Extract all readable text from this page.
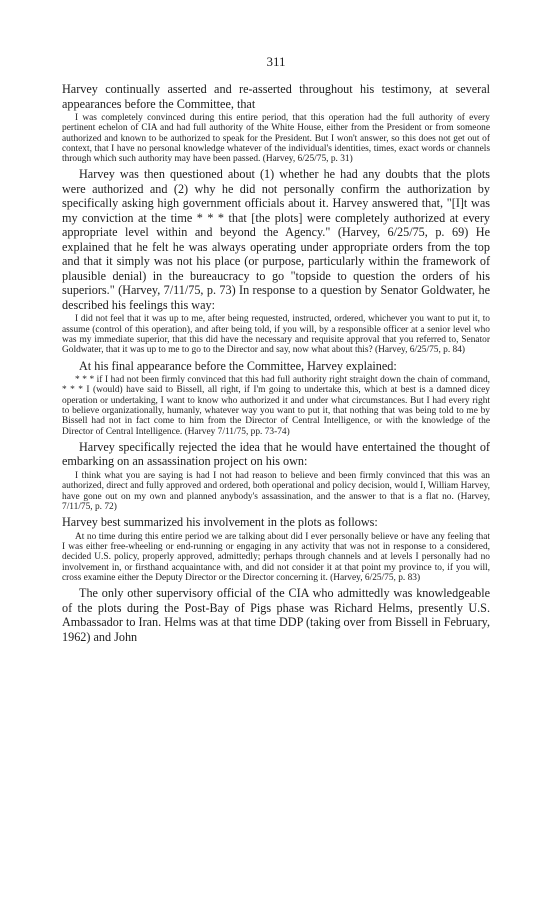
311

Harvey continually asserted and re-asserted throughout his testimony, at several appearances before the Committee, that

I was completely convinced during this entire period, that this operation had the full authority of every pertinent echelon of CIA and had full authority of the White House, either from the President or from someone authorized and known to be authorized to speak for the President. But I won't answer, so this does not get out of context, that I have no personal knowledge whatever of the individual's identities, times, exact words or channels through which such authority may have been passed. (Harvey, 6/25/75, p. 31)

Harvey was then questioned about (1) whether he had any doubts that the plots were authorized and (2) why he did not personally confirm the authorization by specifically asking high government officials about it. Harvey answered that, "[I]t was my conviction at the time * * * that [the plots] were completely authorized at every appropriate level within and beyond the Agency." (Harvey, 6/25/75, p. 69) He explained that he felt he was always operating under appropriate orders from the top and that it simply was not his place (or purpose, particularly within the framework of plausible denial) in the bureaucracy to go "topside to question the orders of his superiors." (Harvey, 7/11/75, p. 73) In response to a question by Senator Goldwater, he described his feelings this way:

I did not feel that it was up to me, after being requested, instructed, ordered, whichever you want to put it, to assume (control of this operation), and after being told, if you will, by a responsible officer at a senior level who was my immediate superior, that this did have the necessary and requisite approval that you referred to, Senator Goldwater, that it was up to me to go to the Director and say, now what about this? (Harvey, 6/25/75, p. 84)

At his final appearance before the Committee, Harvey explained:

* * * if I had not been firmly convinced that this had full authority right straight down the chain of command, * * * I (would) have said to Bissell, all right, if I'm going to undertake this, which at best is a damned dicey operation or undertaking, I want to know who authorized it and under what circumstances. But I had every right to believe organizationally, humanly, whatever way you want to put it, that nothing that was being told to me by Bissell had not in fact come to him from the Director of Central Intelligence, or with the knowledge of the Director of Central Intelligence. (Harvey 7/11/75, pp. 73-74)

Harvey specifically rejected the idea that he would have entertained the thought of embarking on an assassination project on his own:

I think what you are saying is had I not had reason to believe and been firmly convinced that this was an authorized, direct and fully approved and ordered, both operational and policy decision, would I, William Harvey, have gone out on my own and planned anybody's assassination, and the answer to that is a flat no. (Harvey, 7/11/75, p. 72)

Harvey best summarized his involvement in the plots as follows:

At no time during this entire period we are talking about did I ever personally believe or have any feeling that I was either free-wheeling or end-running or engaging in any activity that was not in response to a considered, decided U.S. policy, properly approved, admittedly; perhaps through channels and at levels I personally had no involvement in, or firsthand acquaintance with, and did not consider it at that point my province to, if you will, cross examine either the Deputy Director or the Director concerning it. (Harvey, 6/25/75, p. 83)

The only other supervisory official of the CIA who admittedly was knowledgeable of the plots during the Post-Bay of Pigs phase was Richard Helms, presently U.S. Ambassador to Iran. Helms was at that time DDP (taking over from Bissell in February, 1962) and John
